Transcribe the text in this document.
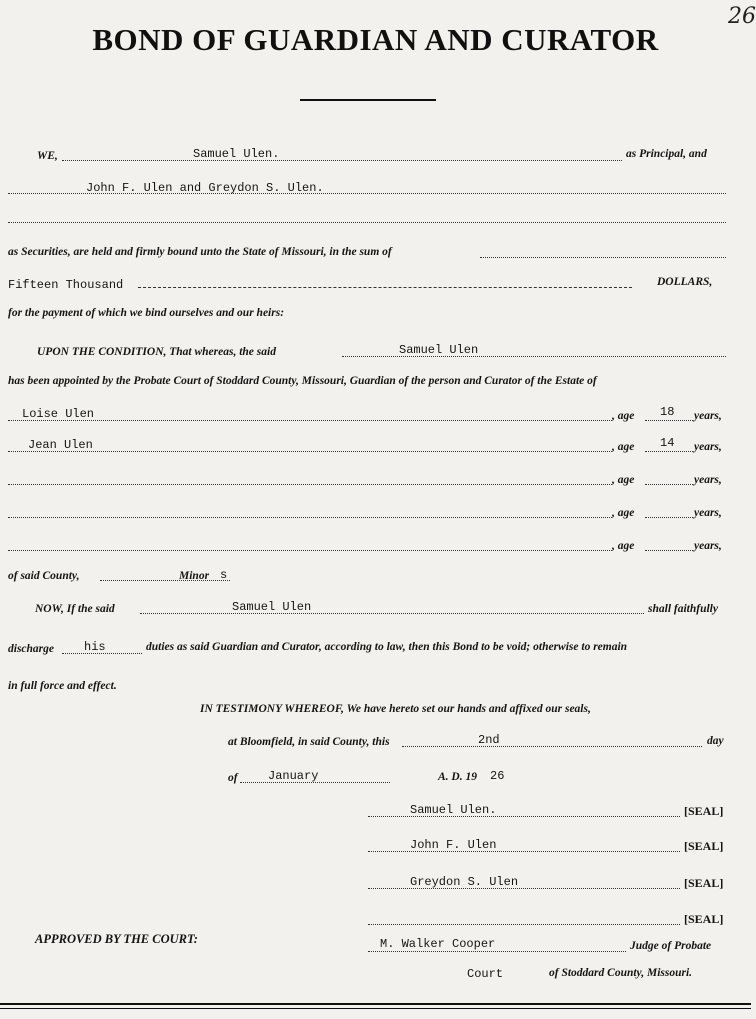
26
BOND OF GUARDIAN AND CURATOR
WE,	Samuel Ulen.	as Principal, and
John F. Ulen and Greydon S. Ulen.
as Securities, are held and firmly bound unto the State of Missouri, in the sum of
Fifteen Thousand	DOLLARS,
for the payment of which we bind ourselves and our heirs:
UPON THE CONDITION, That whereas, the said	Samuel Ulen
has been appointed by the Probate Court of Stoddard County, Missouri, Guardian of the person and Curator of the Estate of
Loise Ulen	, age 18 years,
Jean Ulen	, age 14 years,
, age	years,
, age	years,
, age	years,
of said County,	Minor s
NOW, If the said	Samuel Ulen	shall faithfully
discharge	his	duties as said Guardian and Curator, according to law, then this Bond to be void; otherwise to remain
in full force and effect.
IN TESTIMONY WHEREOF, We have hereto set our hands and affixed our seals,
at Bloomfield, in said County, this	2nd	day
of	January	A. D. 19 26
Samuel Ulen.	[SEAL]
John F. Ulen	[SEAL]
Greydon S. Ulen	[SEAL]
[SEAL]
APPROVED BY THE COURT:	M. Walker Cooper	Judge of Probate
Court	of Stoddard County, Missouri.
